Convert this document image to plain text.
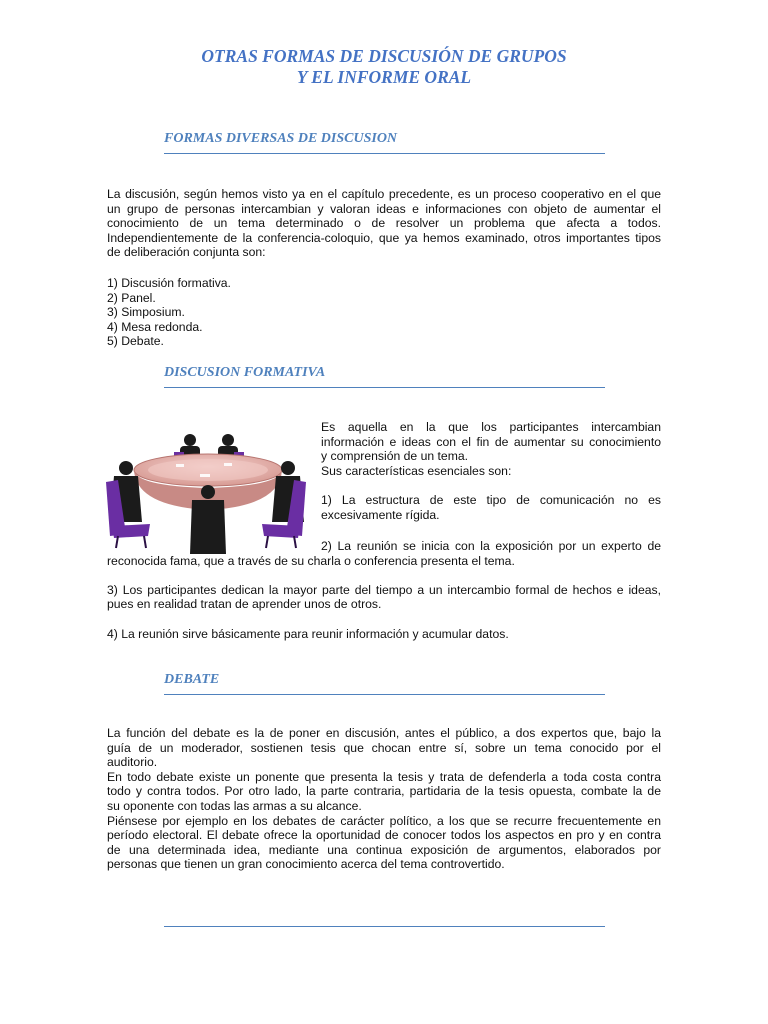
OTRAS FORMAS DE DISCUSIÓN DE GRUPOS
Y EL INFORME ORAL
FORMAS DIVERSAS DE DISCUSION

La discusión, según hemos visto ya en el capítulo precedente, es un proceso cooperativo en el que

un grupo de personas intercambian y valoran ideas e informaciones con objeto de aumentar el

conocimiento de un tema determinado o de resolver un problema que afecta a todos.

Independientemente de la conferencia-coloquio, que ya hemos examinado, otros importantes tipos

de deliberación conjunta son:

1) Discusión formativa.
2) Panel.
3) Simposium.
4) Mesa redonda.
5) Debate.
DISCUSION FORMATIVA

Es aquella en la que los participantes intercambian

información e ideas con el fin de aumentar su conocimiento

y comprensión de un tema.

Sus características esenciales son:

1) La estructura de este tipo de comunicación no es

excesivamente rígida.

2) La reunión se inicia con la exposición por un experto de

reconocida fama, que a través de su charla o conferencia presenta el tema.

3) Los participantes dedican la mayor parte del tiempo a un intercambio formal de hechos e ideas,

pues en realidad tratan de aprender unos de otros.

4) La reunión sirve básicamente para reunir información y acumular datos.

DEBATE

La función del debate es la de poner en discusión, antes el público, a dos expertos que, bajo la

guía de un moderador, sostienen tesis que chocan entre sí, sobre un tema conocido por el

auditorio.

En todo debate existe un ponente que presenta la tesis y trata de defenderla a toda costa contra

todo y contra todos. Por otro lado, la parte contraria, partidaria de la tesis opuesta, combate la de

su oponente con todas las armas a su alcance.

Piénsese por ejemplo en los debates de carácter político, a los que se recurre frecuentemente en

período electoral. El debate ofrece la oportunidad de conocer todos los aspectos en pro y en contra

de una determinada idea, mediante una continua exposición de argumentos, elaborados por

personas que tienen un gran conocimiento acerca del tema controvertido.
